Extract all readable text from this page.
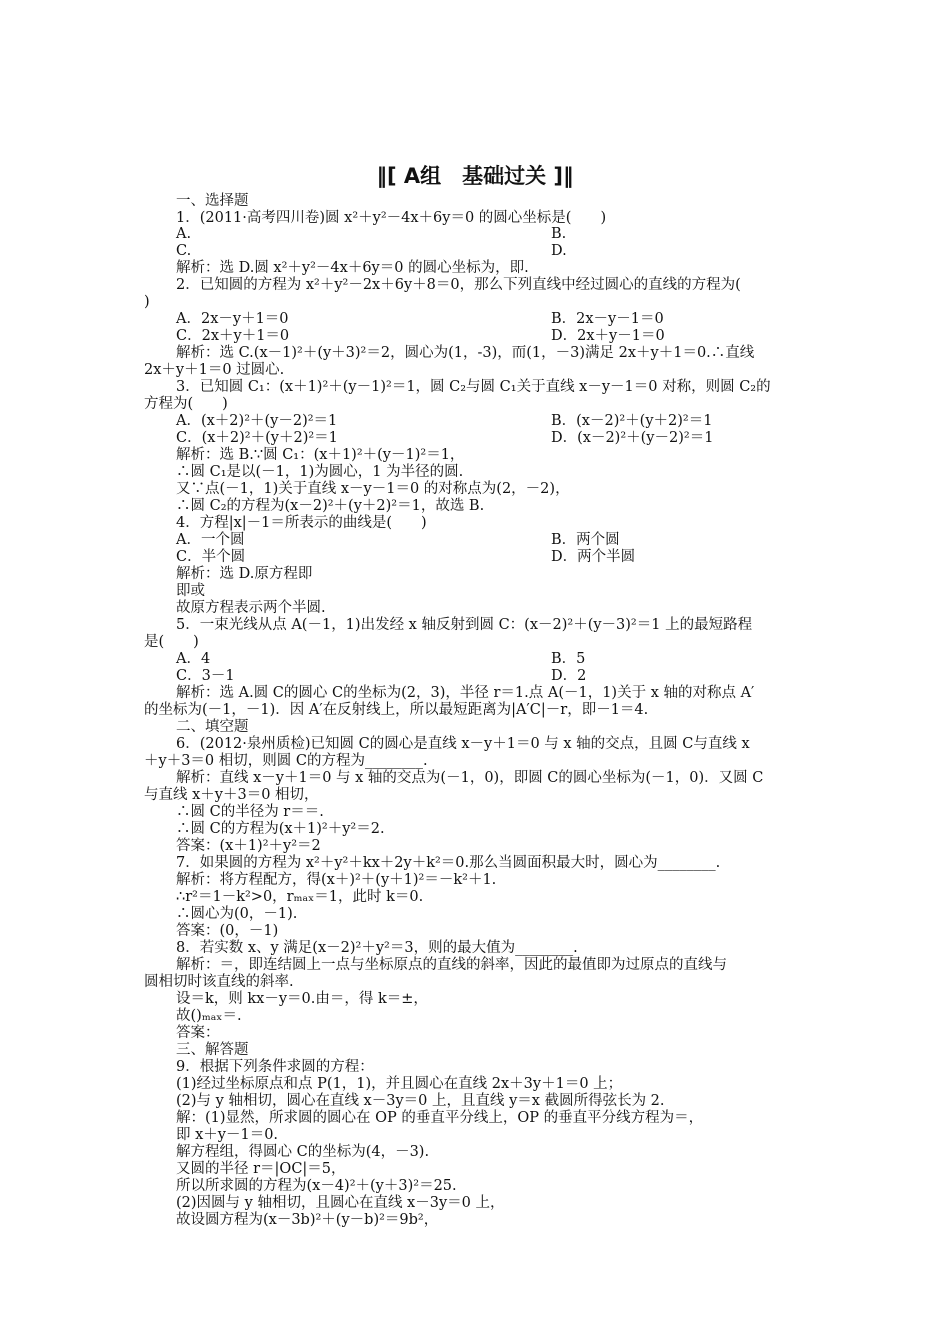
‖[ A组　基础过关 ]‖
一、选择题
1．(2011·高考四川卷)圆 x²＋y²－4x＋6y＝0 的圆心坐标是(　　)
A.	B.
C.	D.
解析：选 D.圆 x²＋y²－4x＋6y＝0 的圆心坐标为，即.
2．已知圆的方程为 x²＋y²－2x＋6y＋8＝0，那么下列直线中经过圆心的直线的方程为(
)
A．2x－y＋1＝0	B．2x－y－1＝0
C．2x＋y＋1＝0	D．2x＋y－1＝0
解析：选 C.(x－1)²＋(y＋3)²＝2，圆心为(1，-3)，而(1，－3)满足 2x＋y＋1＝0.∴直线
2x＋y＋1＝0 过圆心.
3．已知圆 C₁：(x＋1)²＋(y－1)²＝1，圆 C₂与圆 C₁关于直线 x－y－1＝0 对称，则圆 C₂的
方程为(　　)
A．(x＋2)²＋(y－2)²＝1	B．(x－2)²＋(y＋2)²＝1
C．(x＋2)²＋(y＋2)²＝1	D．(x－2)²＋(y－2)²＝1
解析：选 B.∵圆 C₁：(x＋1)²＋(y－1)²＝1，
∴圆 C₁是以(－1，1)为圆心，1 为半径的圆.
又∵点(－1，1)关于直线 x－y－1＝0 的对称点为(2，－2)，
∴圆 C₂的方程为(x－2)²＋(y＋2)²＝1，故选 B.
4．方程|x|－1＝所表示的曲线是(　　)
A．一个圆	B．两个圆
C．半个圆	D．两个半圆
解析：选 D.原方程即
即或
故原方程表示两个半圆.
5．一束光线从点 A(－1，1)出发经 x 轴反射到圆 C：(x－2)²＋(y－3)²＝1 上的最短路程
是(　　)
A．4	B．5
C．3－1	D．2
解析：选 A.圆 C的圆心 C的坐标为(2，3)，半径 r＝1.点 A(－1，1)关于 x 轴的对称点 A′
的坐标为(－1，－1)．因 A′在反射线上，所以最短距离为|A′C|－r，即－1＝4.
二、填空题
6．(2012·泉州质检)已知圆 C的圆心是直线 x－y＋1＝0 与 x 轴的交点，且圆 C与直线 x
＋y＋3＝0 相切，则圆 C的方程为________.
解析：直线 x－y＋1＝0 与 x 轴的交点为(－1，0)，即圆 C的圆心坐标为(－1，0)．又圆 C
与直线 x＋y＋3＝0 相切，
∴圆 C的半径为 r＝＝.
∴圆 C的方程为(x＋1)²＋y²＝2.
答案：(x＋1)²＋y²＝2
7．如果圆的方程为 x²＋y²＋kx＋2y＋k²＝0.那么当圆面积最大时，圆心为________.
解析：将方程配方，得(x＋)²＋(y＋1)²＝－k²＋1.
∴r²＝1－k²>0，rₘₐₓ＝1，此时 k＝0.
∴圆心为(0，－1).
答案：(0，－1)
8．若实数 x、y 满足(x－2)²＋y²＝3，则的最大值为________.
解析：＝，即连结圆上一点与坐标原点的直线的斜率，因此的最值即为过原点的直线与
圆相切时该直线的斜率.
设＝k，则 kx－y＝0.由＝，得 k＝±，
故()ₘₐₓ＝.
答案：
三、解答题
9．根据下列条件求圆的方程：
(1)经过坐标原点和点 P(1，1)，并且圆心在直线 2x＋3y＋1＝0 上；
(2)与 y 轴相切，圆心在直线 x－3y＝0 上，且直线 y＝x 截圆所得弦长为 2.
解：(1)显然，所求圆的圆心在 OP 的垂直平分线上，OP 的垂直平分线方程为＝，
即 x＋y－1＝0.
解方程组，得圆心 C的坐标为(4，－3).
又圆的半径 r＝|OC|＝5，
所以所求圆的方程为(x－4)²＋(y＋3)²＝25.
(2)因圆与 y 轴相切，且圆心在直线 x－3y＝0 上，
故设圆方程为(x－3b)²＋(y－b)²＝9b²，
